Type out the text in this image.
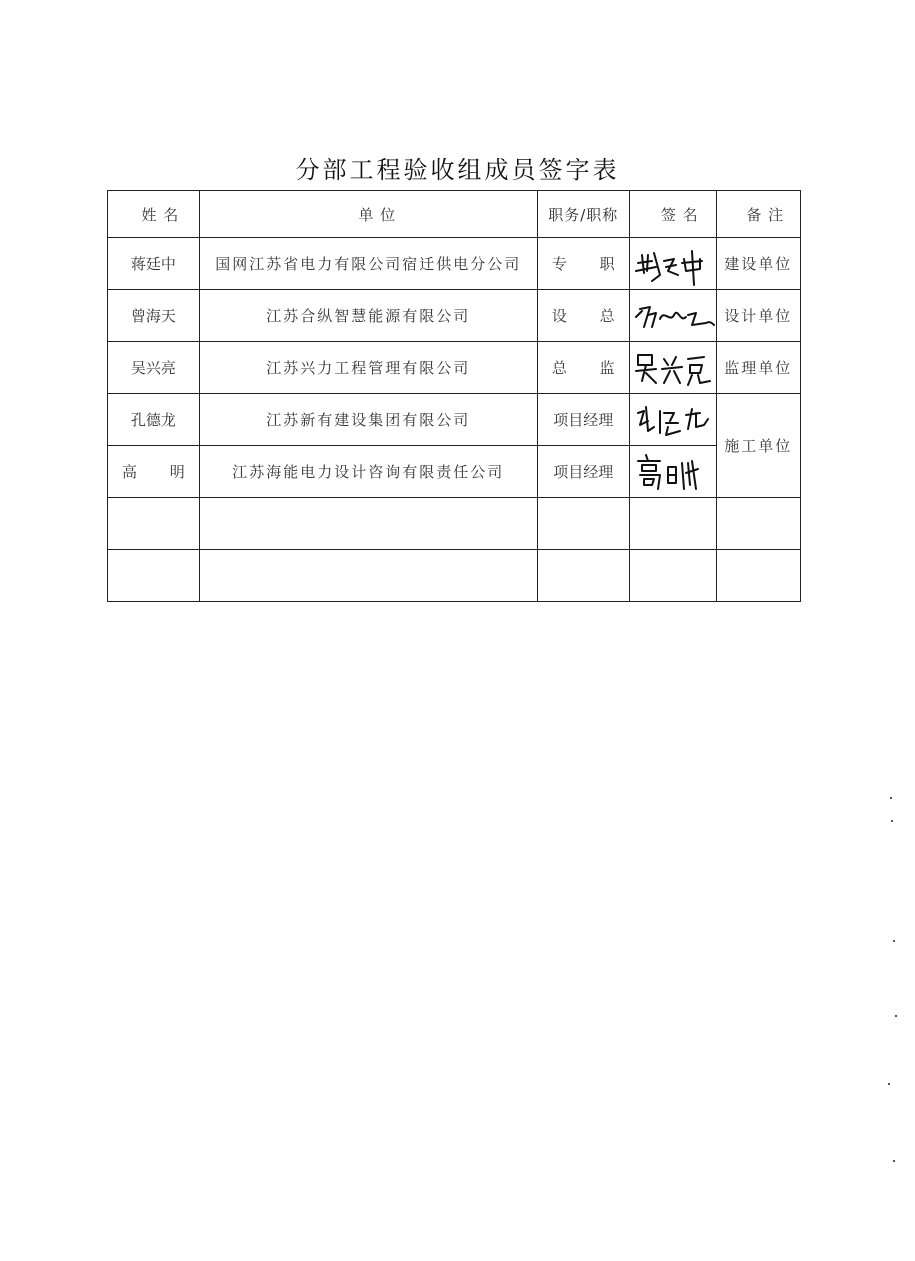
分部工程验收组成员签字表
姓 名	单 位	职务/职称	签 名	备 注
蒋廷中	国网江苏省电力有限公司宿迁供电分公司	专 职		建设单位
曾海天	江苏合纵智慧能源有限公司	设 总		设计单位
吴兴亮	江苏兴力工程管理有限公司	总 监		监理单位
孔德龙	江苏新有建设集团有限公司	项目经理		施工单位
高 明	江苏海能电力设计咨询有限责任公司	项目经理	
